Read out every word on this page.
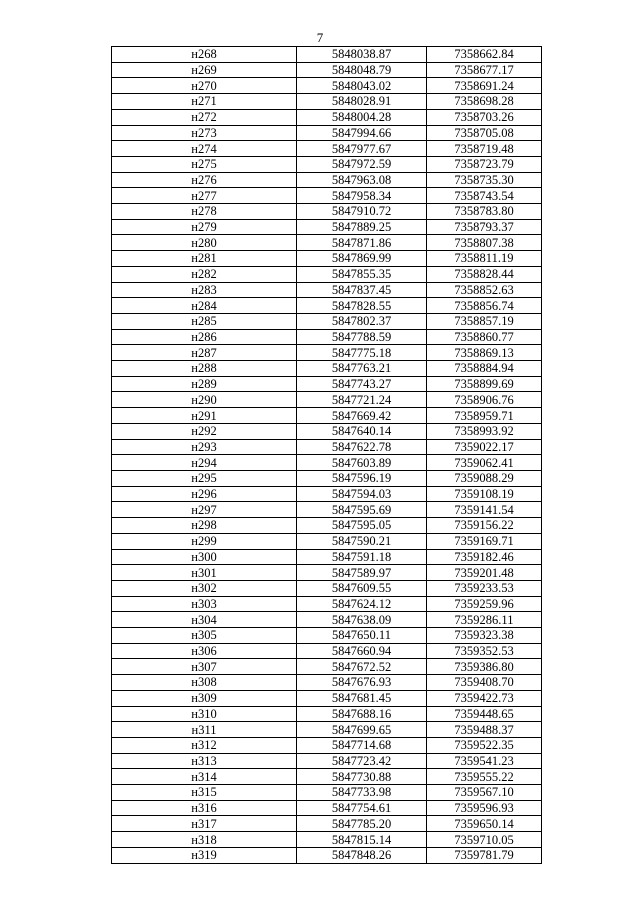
7
н268	5848038.87	7358662.84
н269	5848048.79	7358677.17
н270	5848043.02	7358691.24
н271	5848028.91	7358698.28
н272	5848004.28	7358703.26
н273	5847994.66	7358705.08
н274	5847977.67	7358719.48
н275	5847972.59	7358723.79
н276	5847963.08	7358735.30
н277	5847958.34	7358743.54
н278	5847910.72	7358783.80
н279	5847889.25	7358793.37
н280	5847871.86	7358807.38
н281	5847869.99	7358811.19
н282	5847855.35	7358828.44
н283	5847837.45	7358852.63
н284	5847828.55	7358856.74
н285	5847802.37	7358857.19
н286	5847788.59	7358860.77
н287	5847775.18	7358869.13
н288	5847763.21	7358884.94
н289	5847743.27	7358899.69
н290	5847721.24	7358906.76
н291	5847669.42	7358959.71
н292	5847640.14	7358993.92
н293	5847622.78	7359022.17
н294	5847603.89	7359062.41
н295	5847596.19	7359088.29
н296	5847594.03	7359108.19
н297	5847595.69	7359141.54
н298	5847595.05	7359156.22
н299	5847590.21	7359169.71
н300	5847591.18	7359182.46
н301	5847589.97	7359201.48
н302	5847609.55	7359233.53
н303	5847624.12	7359259.96
н304	5847638.09	7359286.11
н305	5847650.11	7359323.38
н306	5847660.94	7359352.53
н307	5847672.52	7359386.80
н308	5847676.93	7359408.70
н309	5847681.45	7359422.73
н310	5847688.16	7359448.65
н311	5847699.65	7359488.37
н312	5847714.68	7359522.35
н313	5847723.42	7359541.23
н314	5847730.88	7359555.22
н315	5847733.98	7359567.10
н316	5847754.61	7359596.93
н317	5847785.20	7359650.14
н318	5847815.14	7359710.05
н319	5847848.26	7359781.79
